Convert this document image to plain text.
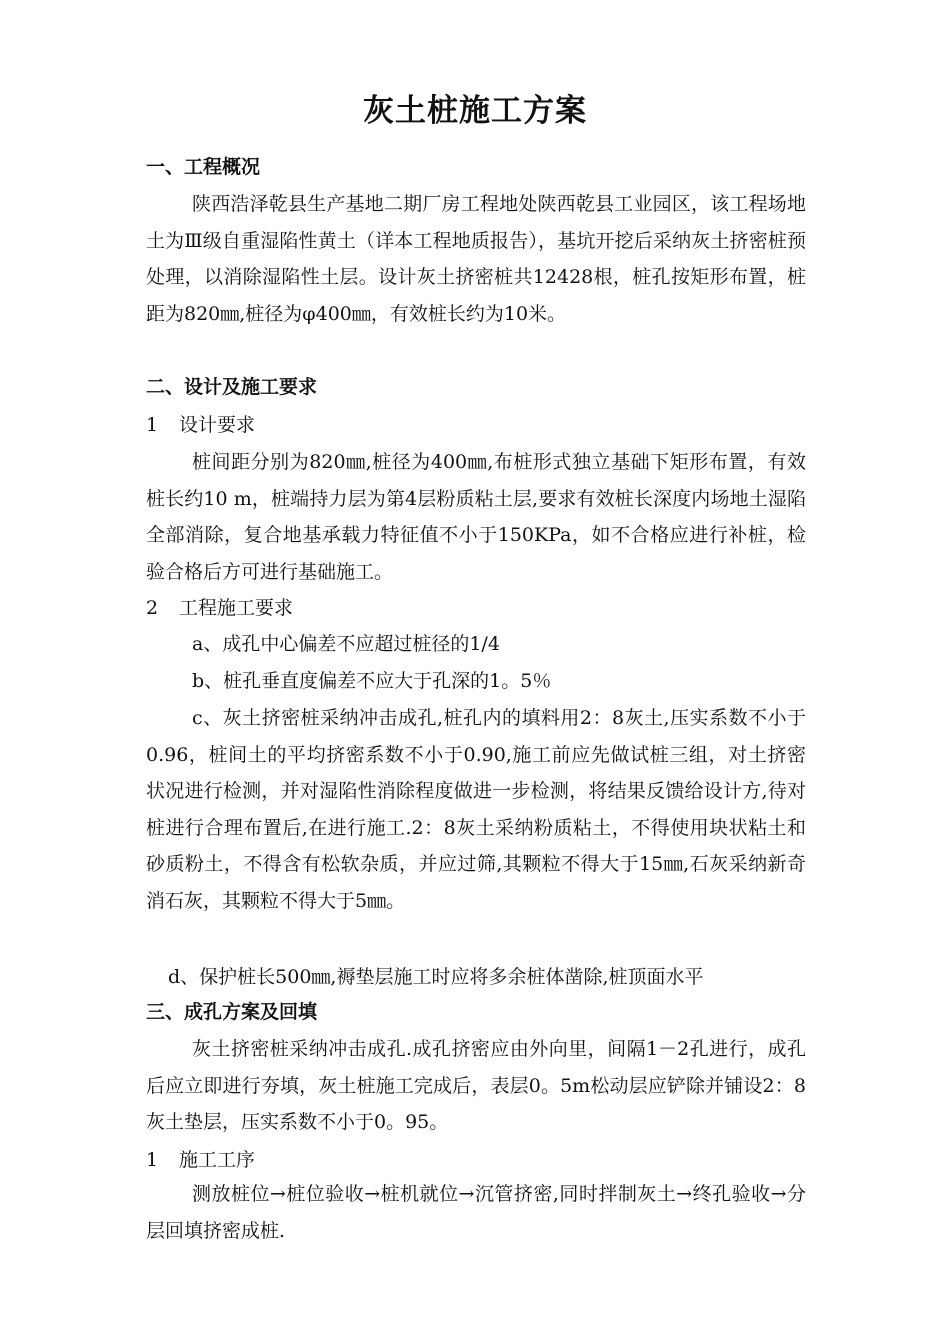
灰土桩施工方案
一、工程概况

陕西浩泽乾县生产基地二期厂房工程地处陕西乾县工业园区，该工程场地土为Ⅲ级自重湿陷性黄土（详本工程地质报告），基坑开挖后采纳灰土挤密桩预处理，以消除湿陷性土层。设计灰土挤密桩共12428根，桩孔按矩形布置，桩距为820㎜,桩径为φ400㎜，有效桩长约为10米。

二、设计及施工要求

1 设计要求

桩间距分别为820㎜,桩径为400㎜,布桩形式独立基础下矩形布置，有效桩长约10 m，桩端持力层为第4层粉质粘土层,要求有效桩长深度内场地土湿陷全部消除，复合地基承载力特征值不小于150KPa，如不合格应进行补桩，检验合格后方可进行基础施工。

2 工程施工要求

a、成孔中心偏差不应超过桩径的1/4

b、桩孔垂直度偏差不应大于孔深的1。5％

c、灰土挤密桩采纳冲击成孔,桩孔内的填料用2：8灰土,压实系数不小于0.96，桩间土的平均挤密系数不小于0.90,施工前应先做试桩三组，对土挤密状况进行检测，并对湿陷性消除程度做进一步检测，将结果反馈给设计方,待对桩进行合理布置后,在进行施工.2：8灰土采纳粉质粘土，不得使用块状粘土和砂质粉土，不得含有松软杂质，并应过筛,其颗粒不得大于15㎜,石灰采纳新奇消石灰，其颗粒不得大于5㎜。

d、保护桩长500㎜,褥垫层施工时应将多余桩体凿除,桩顶面水平

三、成孔方案及回填

灰土挤密桩采纳冲击成孔.成孔挤密应由外向里，间隔1－2孔进行，成孔后应立即进行夯填，灰土桩施工完成后，表层0。5m松动层应铲除并铺设2：8灰土垫层，压实系数不小于0。95。

1 施工工序

测放桩位→桩位验收→桩机就位→沉管挤密,同时拌制灰土→终孔验收→分层回填挤密成桩.
